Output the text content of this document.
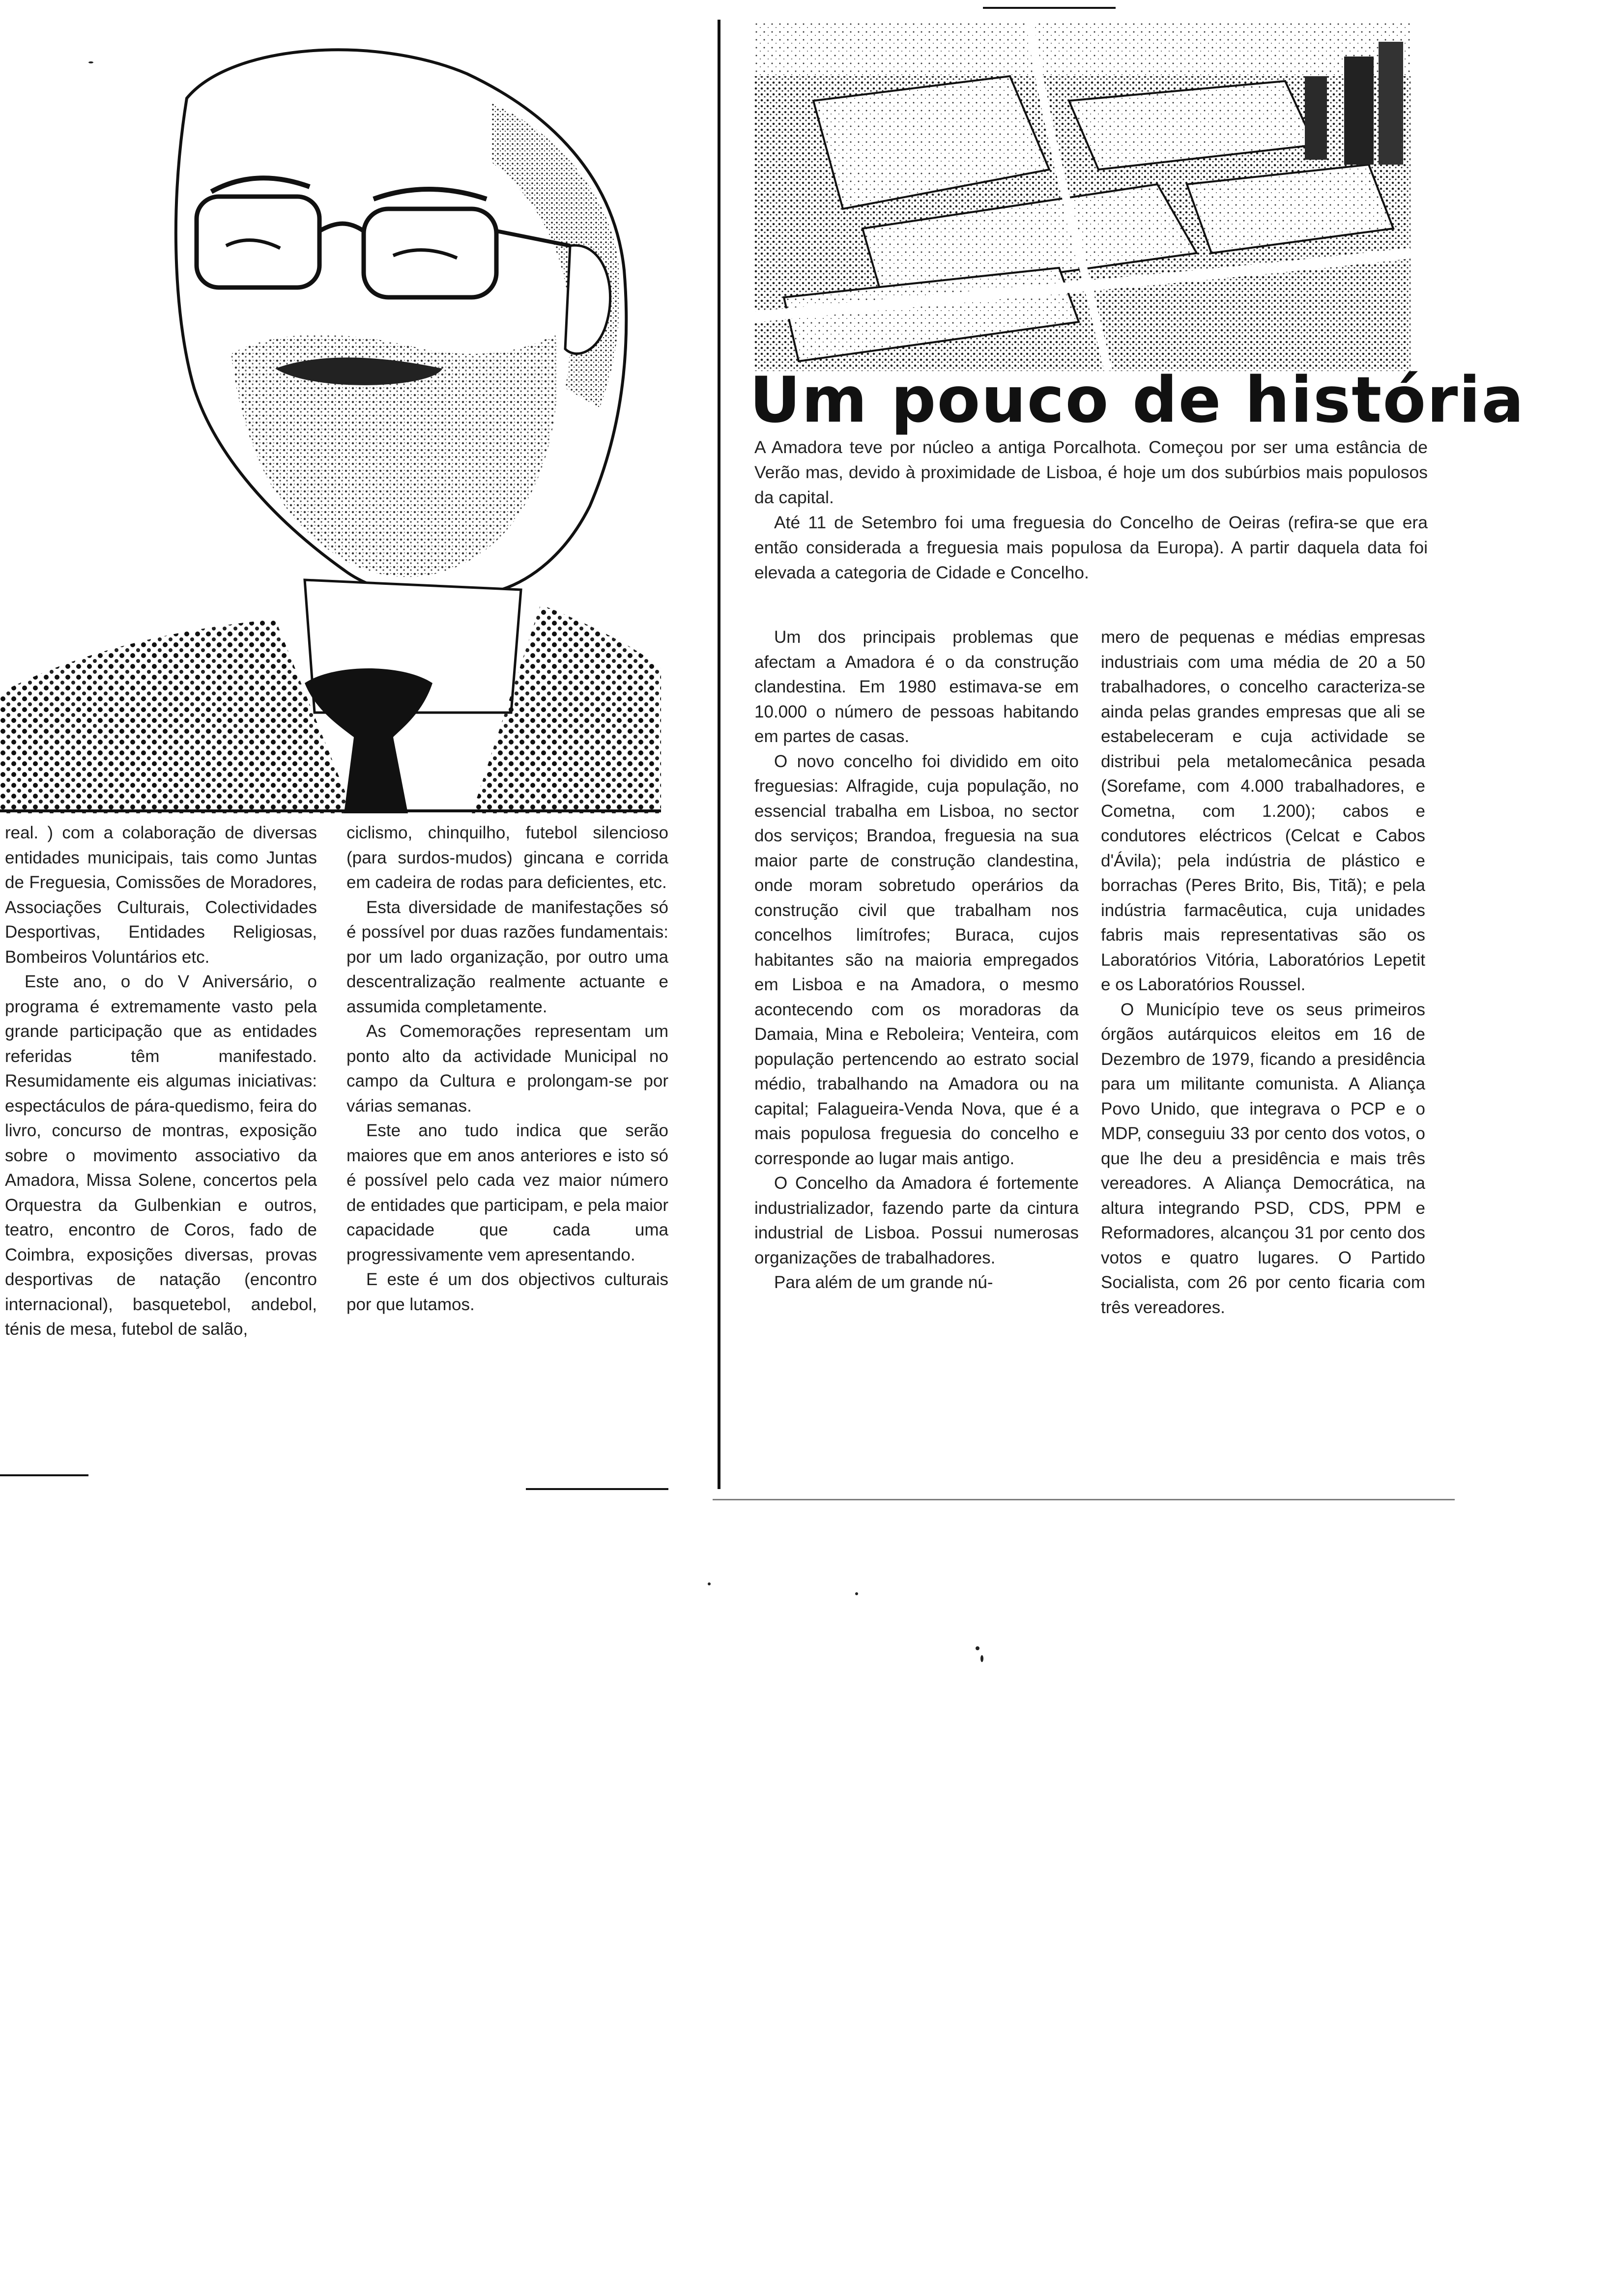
Um pouco de história

A Amadora teve por núcleo a antiga Porcalhota. Começou por ser uma estância de Verão mas, devido à proximidade de Lisboa, é hoje um dos subúrbios mais populosos da capital.

Até 11 de Setembro foi uma freguesia do Concelho de Oeiras (refira-se que era então considerada a freguesia mais populosa da Europa). A partir daquela data foi elevada a categoria de Cidade e Concelho.

real. ) com a colaboração de diversas entidades municipais, tais como Juntas de Freguesia, Comissões de Moradores, Associações Culturais, Colectividades Desportivas, Entidades Religiosas, Bombeiros Voluntários etc.

Este ano, o do V Aniversário, o programa é extremamente vasto pela grande participação que as entidades referidas têm manifestado. Resumidamente eis algumas iniciativas: espectáculos de pára-quedismo, feira do livro, concurso de montras, exposição sobre o movimento associativo da Amadora, Missa Solene, concertos pela Orquestra da Gulbenkian e outros, teatro, encontro de Coros, fado de Coimbra, exposições diversas, provas desportivas de natação (encontro internacional), basquetebol, andebol, ténis de mesa, futebol de salão,

ciclismo, chinquilho, futebol silencioso (para surdos-mudos) gincana e corrida em cadeira de rodas para deficientes, etc.

Esta diversidade de manifestações só é possível por duas razões fundamentais: por um lado organização, por outro uma descentralização realmente actuante e assumida completamente.

As Comemorações representam um ponto alto da actividade Municipal no campo da Cultura e prolongam-se por várias semanas.

Este ano tudo indica que serão maiores que em anos anteriores e isto só é possível pelo cada vez maior número de entidades que participam, e pela maior capacidade que cada uma progressivamente vem apresentando.

E este é um dos objectivos culturais por que lutamos.

Um dos principais problemas que afectam a Amadora é o da construção clandestina. Em 1980 estimava-se em 10.000 o número de pessoas habitando em partes de casas.

O novo concelho foi dividido em oito freguesias: Alfragide, cuja população, no essencial trabalha em Lisboa, no sector dos serviços; Brandoa, freguesia na sua maior parte de construção clandestina, onde moram sobretudo operários da construção civil que trabalham nos concelhos limítrofes; Buraca, cujos habitantes são na maioria empregados em Lisboa e na Amadora, o mesmo acontecendo com os moradoras da Damaia, Mina e Reboleira; Venteira, com população pertencendo ao estrato social médio, trabalhando na Amadora ou na capital; Falagueira-Venda Nova, que é a mais populosa freguesia do concelho e corresponde ao lugar mais antigo.

O Concelho da Amadora é fortemente industrializador, fazendo parte da cintura industrial de Lisboa. Possui numerosas organizações de trabalhadores.

Para além de um grande nú-

mero de pequenas e médias empresas industriais com uma média de 20 a 50 trabalhadores, o concelho caracteriza-se ainda pelas grandes empresas que ali se estabeleceram e cuja actividade se distribui pela metalomecânica pesada (Sorefame, com 4.000 trabalhadores, e Cometna, com 1.200); cabos e condutores eléctricos (Celcat e Cabos d'Ávila); pela indústria de plástico e borrachas (Peres Brito, Bis, Titã); e pela indústria farmacêutica, cuja unidades fabris mais representativas são os Laboratórios Vitória, Laboratórios Lepetit e os Laboratórios Roussel.

O Município teve os seus primeiros órgãos autárquicos eleitos em 16 de Dezembro de 1979, ficando a presidência para um militante comunista. A Aliança Povo Unido, que integrava o PCP e o MDP, conseguiu 33 por cento dos votos, o que lhe deu a presidência e mais três vereadores. A Aliança Democrática, na altura integrando PSD, CDS, PPM e Reformadores, alcançou 31 por cento dos votos e quatro lugares. O Partido Socialista, com 26 por cento ficaria com três vereadores.
